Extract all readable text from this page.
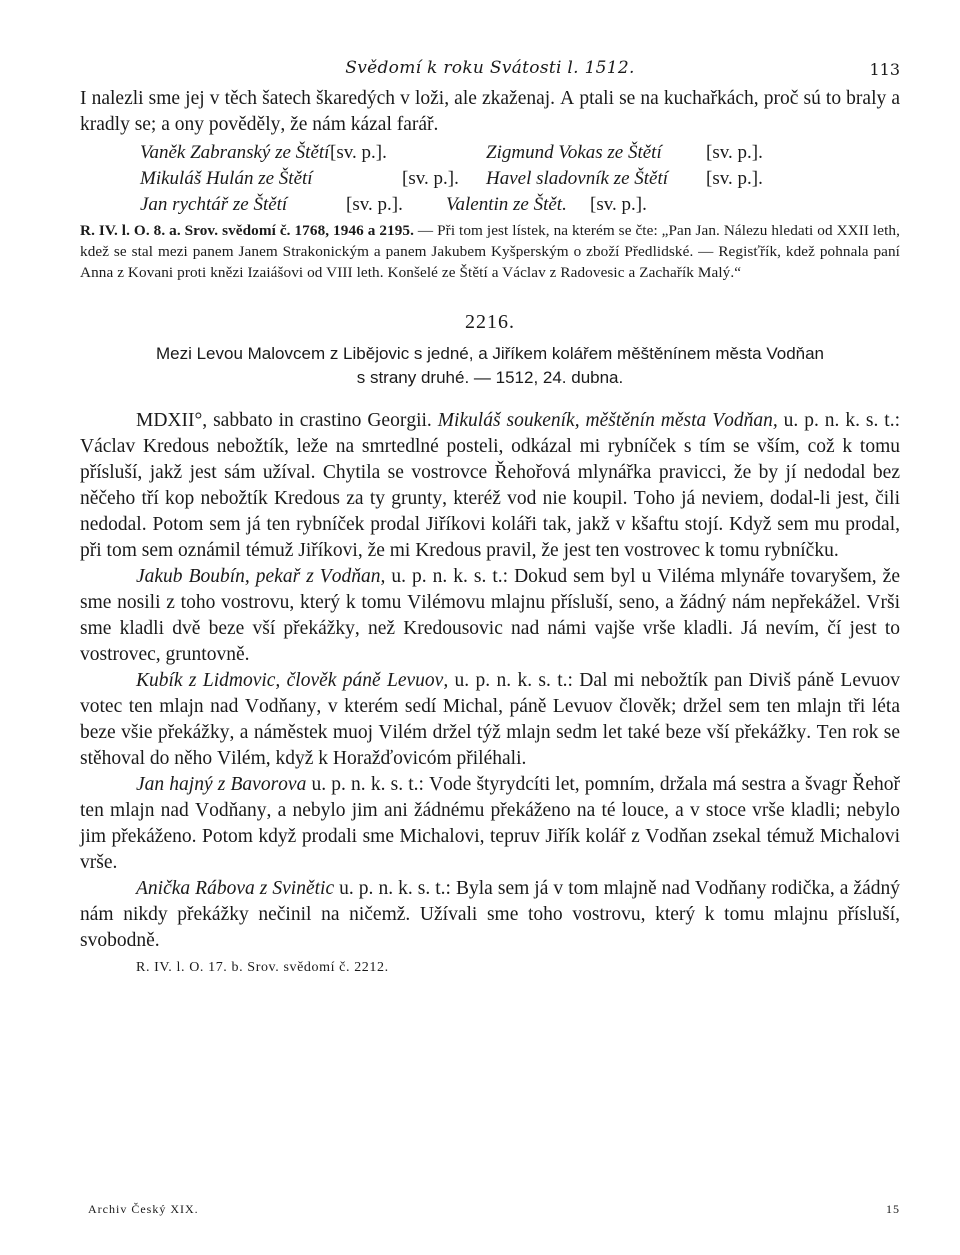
Svědomí k roku Svátosti l. 1512.	113

I nalezli sme jej v těch šatech škaredých v loži, ale zkaženaj. A ptali se na kuchařkách, proč sú to braly a kradly se; a ony pověděly, že nám kázal farář.

Vaněk Zabranský ze Štětí [sv. p.].	Zigmund Vokas ze Štětí	[sv. p.].
Mikuláš Hulán ze Štětí	[sv. p.].	Havel sladovník ze Štětí	[sv. p.].
Jan rychtář ze Štětí	[sv. p.].	Valentin ze Štět.	[sv. p.].

R. IV. l. O. 8. a. Srov. svědomí č. 1768, 1946 a 2195. — Při tom jest lístek, na kterém se čte: „Pan Jan. Nálezu hledati od XXII leth, kdež se stal mezi panem Janem Strakonickým a panem Jakubem Kyšperským o zboží Předlidské. — Regisťřík, kdež pohnala paní Anna z Kovani proti knězi Izaiášovi od VIII leth. Konšelé ze Štětí a Václav z Radovesic a Zachařík Malý.“

2216.
Mezi Levou Malovcem z Libějovic s jedné, a Jiříkem kolářem měštěnínem města Vodňan
s strany druhé. — 1512, 24. dubna.

MDXII°, sabbato in crastino Georgii. Mikuláš soukeník, měštěnín města Vodňan, u. p. n. k. s. t.: Václav Kredous nebožtík, leže na smrtedlné posteli, odkázal mi rybníček s tím se vším, což k tomu přísluší, jakž jest sám užíval. Chytila se vostrovce Řehořová mlynářka pravicci, že by jí nedodal bez něčeho tří kop nebožtík Kredous za ty grunty, kteréž vod nie koupil. Toho já neviem, dodal-li jest, čili nedodal. Potom sem já ten rybníček prodal Jiříkovi koláři tak, jakž v kšaftu stojí. Když sem mu prodal, při tom sem oznámil témuž Jiříkovi, že mi Kredous pravil, že jest ten vostrovec k tomu rybníčku.

Jakub Boubín, pekař z Vodňan, u. p. n. k. s. t.: Dokud sem byl u Viléma mlynáře tovaryšem, že sme nosili z toho vostrovu, který k tomu Vilémovu mlajnu přísluší, seno, a žádný nám nepřekážel. Vrši sme kladli dvě beze vší překážky, než Kredousovic nad námi vajše vrše kladli. Já nevím, čí jest to vostrovec, gruntovně.

Kubík z Lidmovic, člověk páně Levuov, u. p. n. k. s. t.: Dal mi nebožtík pan Diviš páně Levuov votec ten mlajn nad Vodňany, v kterém sedí Michal, páně Levuov člověk; držel sem ten mlajn tři léta beze všie překážky, a náměstek muoj Vilém držel týž mlajn sedm let také beze vší překážky. Ten rok se stěhoval do něho Vilém, když k Horažďovicóm přiléhali.

Jan hajný z Bavorova u. p. n. k. s. t.: Vode štyrydcíti let, pomním, držala má sestra a švagr Řehoř ten mlajn nad Vodňany, a nebylo jim ani žádnému překáženo na té louce, a v stoce vrše kladli; nebylo jim překáženo. Potom když prodali sme Michalovi, tepruv Jiřík kolář z Vodňan zsekal témuž Michalovi vrše.

Anička Rábova z Svinětic u. p. n. k. s. t.: Byla sem já v tom mlajně nad Vodňany rodička, a žádný nám nikdy překážky nečinil na ničemž. Užívali sme toho vostrovu, který k tomu mlajnu přísluší, svobodně.

R. IV. l. O. 17. b. Srov. svědomí č. 2212.
Archiv Český XIX.	15
